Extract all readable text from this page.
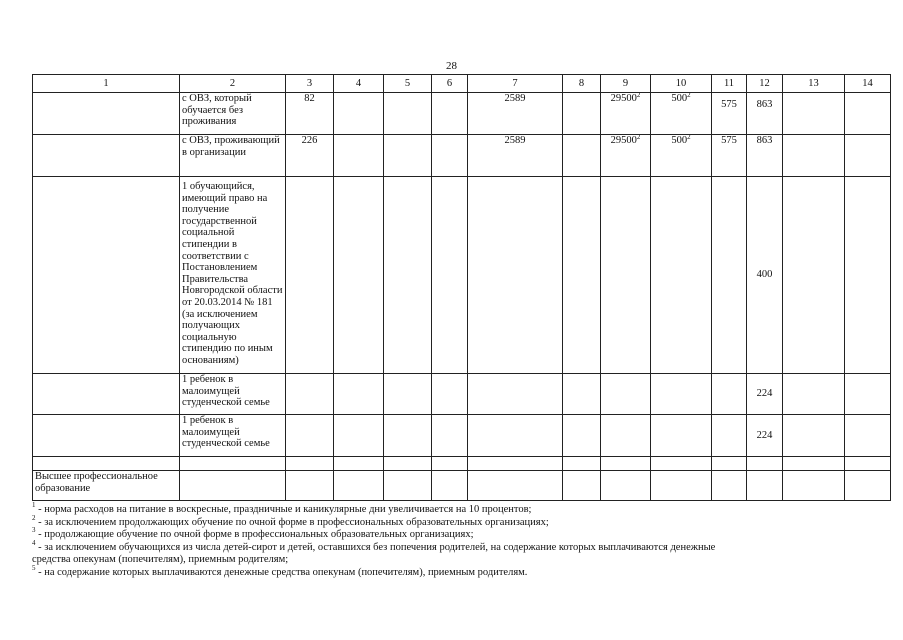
28
1	2	3	4	5	6	7	8	9	10	11	12	13	14
	с ОВЗ, который обучается без проживания	82				2589		29500$^2$	$500^2$	575	863		
	с ОВЗ, проживающий в организации	226				2589		29500$^2$	$500^2$	575	863		
	1 обучающийся, имеющий право на получение государственной социальной стипендии в соответствии с Постановлением Правительства Новгородской области от 20.03.2014 № 181 (за исключением получающих социальную стипендию по иным основаниям)										400		
	1 ребенок в малоимущей студенческой семье										224		
	1 ребенок в малоимущей студенческой семье										224		

Высшее профессиональное образование													
$^1$ - норма расходов на питание в воскресные, праздничные и каникулярные дни увеличивается на 10 процентов;
$^2$ - за исключением продолжающих обучение по очной форме в профессиональных образовательных организациях;
$^3$ - продолжающие обучение по очной форме в профессиональных образовательных организациях;
$^4$ - за исключением обучающихся из числа детей-сирот и детей, оставшихся без попечения родителей, на содержание которых выплачиваются денежные
средства опекунам (попечителям), приемным родителям;
$^5$ - на содержание которых выплачиваются денежные средства опекунам (попечителям), приемным родителям.
